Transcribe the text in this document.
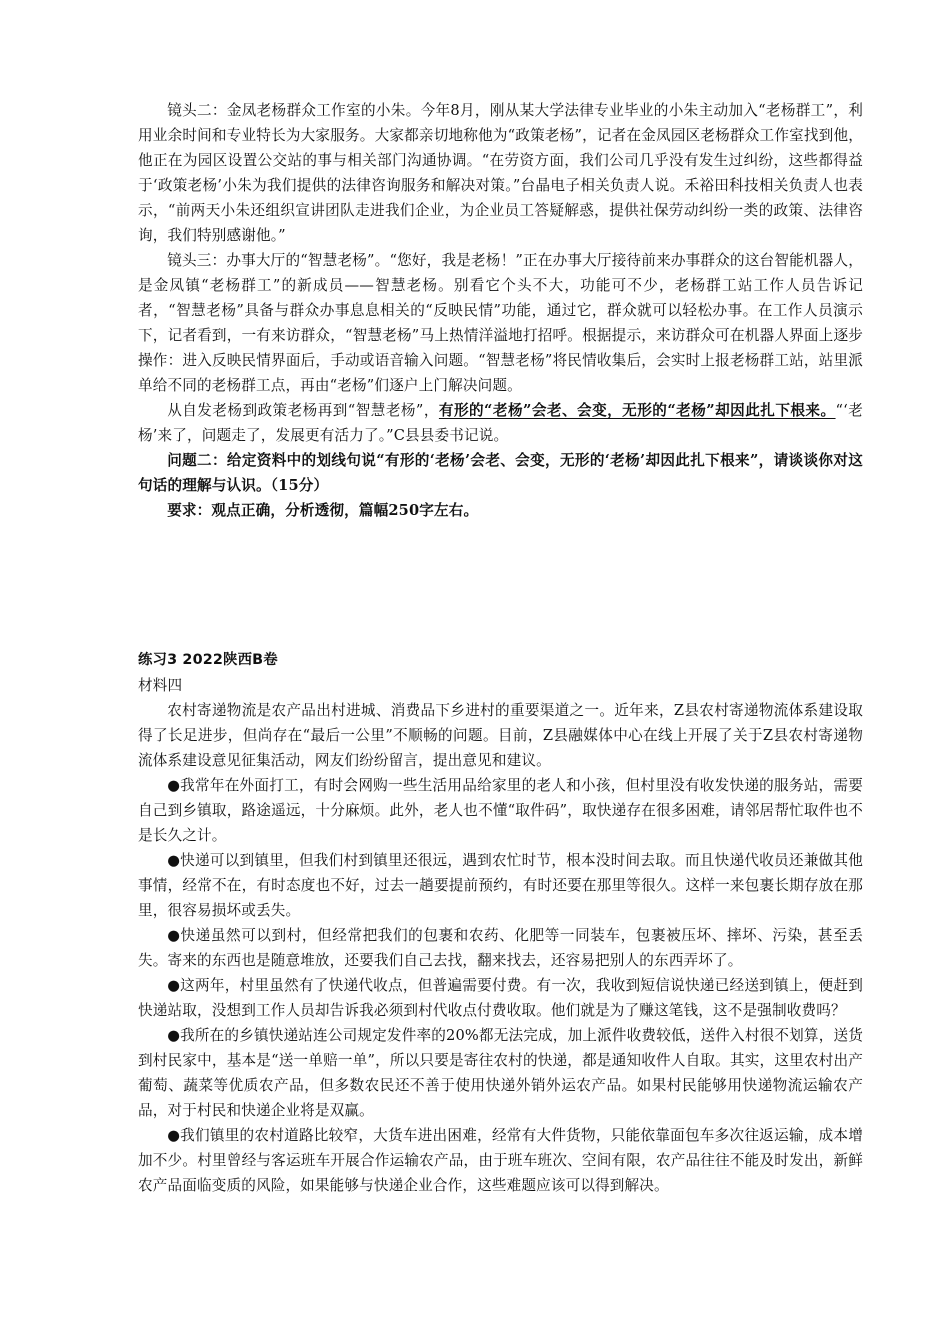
镜头二：金凤老杨群众工作室的小朱。今年8月，刚从某大学法律专业毕业的小朱主动加入“老杨群工”，利用业余时间和专业特长为大家服务。大家都亲切地称他为“政策老杨”，记者在金凤园区老杨群众工作室找到他，他正在为园区设置公交站的事与相关部门沟通协调。“在劳资方面，我们公司几乎没有发生过纠纷，这些都得益于‘政策老杨’小朱为我们提供的法律咨询服务和解决对策。”台晶电子相关负责人说。禾裕田科技相关负责人也表示，“前两天小朱还组织宣讲团队走进我们企业，为企业员工答疑解惑，提供社保劳动纠纷一类的政策、法律咨询，我们特别感谢他。”

镜头三：办事大厅的“智慧老杨”。“您好，我是老杨！”正在办事大厅接待前来办事群众的这台智能机器人，是金凤镇“老杨群工”的新成员——智慧老杨。别看它个头不大，功能可不少，老杨群工站工作人员告诉记者，“智慧老杨”具备与群众办事息息相关的“反映民情”功能，通过它，群众就可以轻松办事。在工作人员演示下，记者看到，一有来访群众，“智慧老杨”马上热情洋溢地打招呼。根据提示，来访群众可在机器人界面上逐步操作：进入反映民情界面后，手动或语音输入问题。“智慧老杨”将民情收集后，会实时上报老杨群工站，站里派单给不同的老杨群工点，再由“老杨”们逐户上门解决问题。

从自发老杨到政策老杨再到“智慧老杨”，有形的“老杨”会老、会变，无形的“老杨”却因此扎下根来。“‘老杨’来了，问题走了，发展更有活力了。”C县县委书记说。

问题二：给定资料中的划线句说“有形的‘老杨’会老、会变，无形的‘老杨’却因此扎下根来”，请谈谈你对这句话的理解与认识。（15分）

要求：观点正确，分析透彻，篇幅250字左右。

练习3 2022陕西B卷

材料四

农村寄递物流是农产品出村进城、消费品下乡进村的重要渠道之一。近年来，Z县农村寄递物流体系建设取得了长足进步，但尚存在“最后一公里”不顺畅的问题。目前，Z县融媒体中心在线上开展了关于Z县农村寄递物流体系建设意见征集活动，网友们纷纷留言，提出意见和建议。

●我常年在外面打工，有时会网购一些生活用品给家里的老人和小孩，但村里没有收发快递的服务站，需要自己到乡镇取，路途遥远，十分麻烦。此外，老人也不懂“取件码”，取快递存在很多困难，请邻居帮忙取件也不是长久之计。

●快递可以到镇里，但我们村到镇里还很远，遇到农忙时节，根本没时间去取。而且快递代收员还兼做其他事情，经常不在，有时态度也不好，过去一趟要提前预约，有时还要在那里等很久。这样一来包裹长期存放在那里，很容易损坏或丢失。

●快递虽然可以到村，但经常把我们的包裹和农药、化肥等一同装车，包裹被压坏、摔坏、污染，甚至丢失。寄来的东西也是随意堆放，还要我们自己去找，翻来找去，还容易把别人的东西弄坏了。

●这两年，村里虽然有了快递代收点，但普遍需要付费。有一次，我收到短信说快递已经送到镇上，便赶到快递站取，没想到工作人员却告诉我必须到村代收点付费收取。他们就是为了赚这笔钱，这不是强制收费吗？

●我所在的乡镇快递站连公司规定发件率的20%都无法完成，加上派件收费较低，送件入村很不划算，送货到村民家中，基本是“送一单赔一单”，所以只要是寄往农村的快递，都是通知收件人自取。其实，这里农村出产葡萄、蔬菜等优质农产品，但多数农民还不善于使用快递外销外运农产品。如果村民能够用快递物流运输农产品，对于村民和快递企业将是双赢。

●我们镇里的农村道路比较窄，大货车进出困难，经常有大件货物，只能依靠面包车多次往返运输，成本增加不少。村里曾经与客运班车开展合作运输农产品，由于班车班次、空间有限，农产品往往不能及时发出，新鲜农产品面临变质的风险，如果能够与快递企业合作，这些难题应该可以得到解决。
